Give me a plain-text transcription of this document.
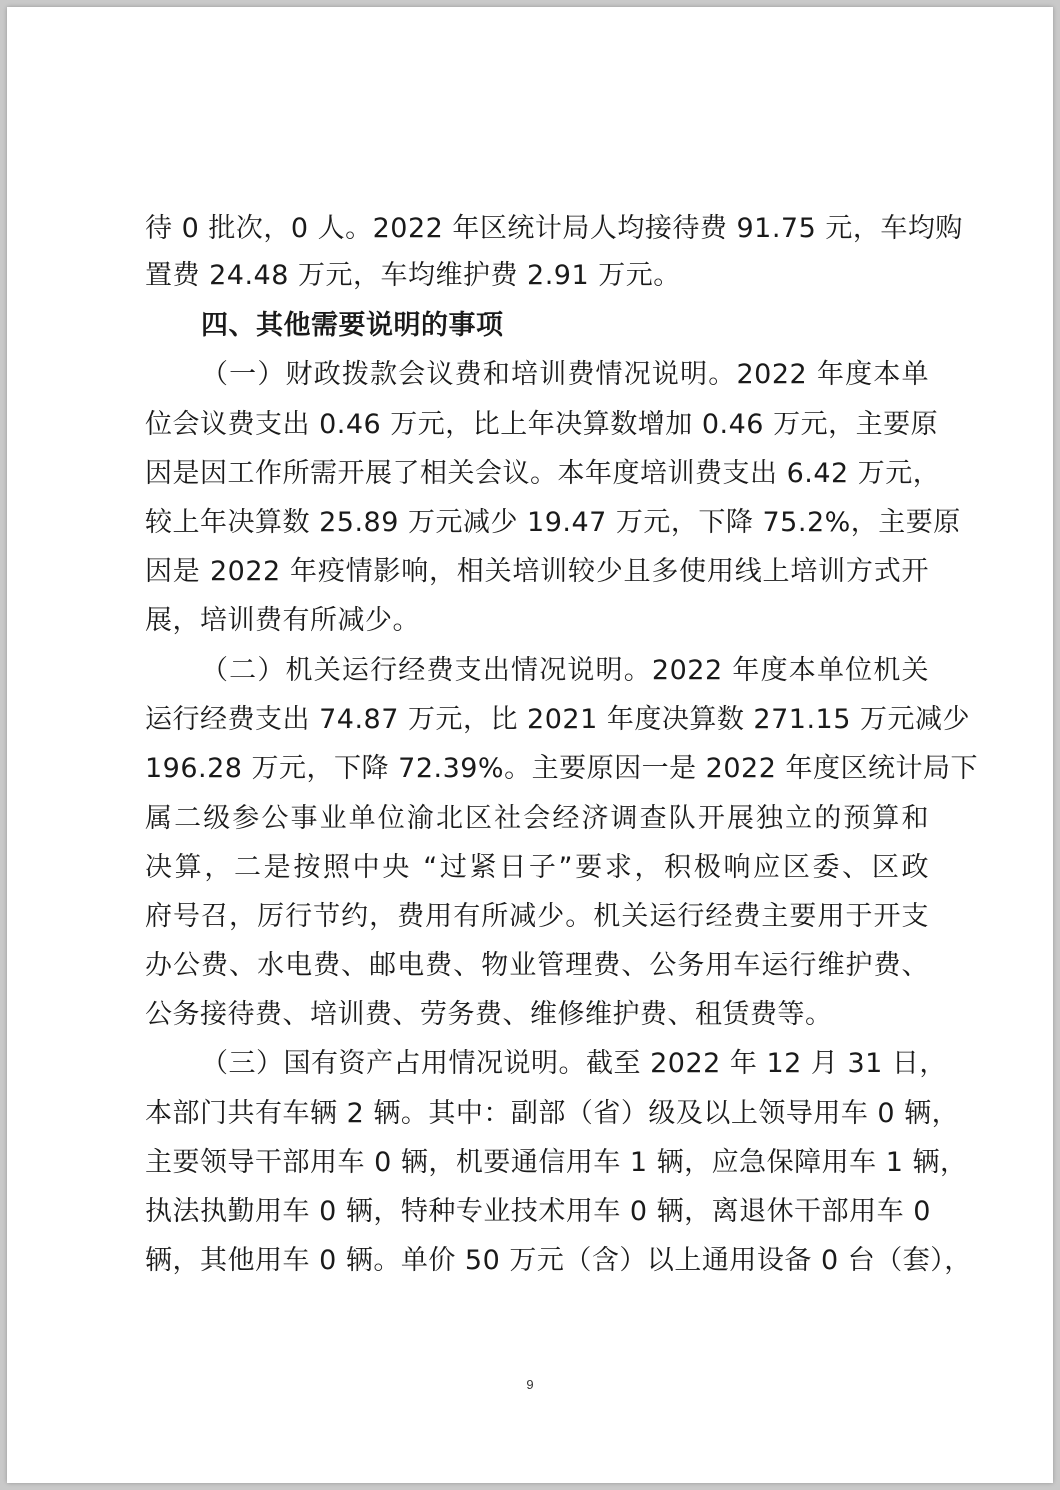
待 0 批次，0 人。2022 年区统计局人均接待费 91.75 元，车均购
置费 24.48 万元，车均维护费 2.91 万元。
四、其他需要说明的事项
（一）财政拨款会议费和培训费情况说明。2022 年度本单
位会议费支出 0.46 万元，比上年决算数增加 0.46 万元，主要原
因是因工作所需开展了相关会议。本年度培训费支出 6.42 万元，
较上年决算数 25.89 万元减少 19.47 万元，下降 75.2%，主要原
因是 2022 年疫情影响，相关培训较少且多使用线上培训方式开
展，培训费有所减少。
（二）机关运行经费支出情况说明。2022 年度本单位机关
运行经费支出 74.87 万元，比 2021 年度决算数 271.15 万元减少
196.28 万元，下降 72.39%。主要原因一是 2022 年度区统计局下
属二级参公事业单位渝北区社会经济调查队开展独立的预算和
决算，二是按照中央 “过紧日子”要求，积极响应区委、区政
府号召，厉行节约，费用有所减少。机关运行经费主要用于开支
办公费、水电费、邮电费、物业管理费、公务用车运行维护费、
公务接待费、培训费、劳务费、维修维护费、租赁费等。
（三）国有资产占用情况说明。截至 2022 年 12 月 31 日，
本部门共有车辆 2 辆。其中：副部（省）级及以上领导用车 0 辆，
主要领导干部用车 0 辆，机要通信用车 1 辆，应急保障用车 1 辆，
执法执勤用车 0 辆，特种专业技术用车 0 辆，离退休干部用车 0
辆，其他用车 0 辆。单价 50 万元（含）以上通用设备 0 台（套），
9
